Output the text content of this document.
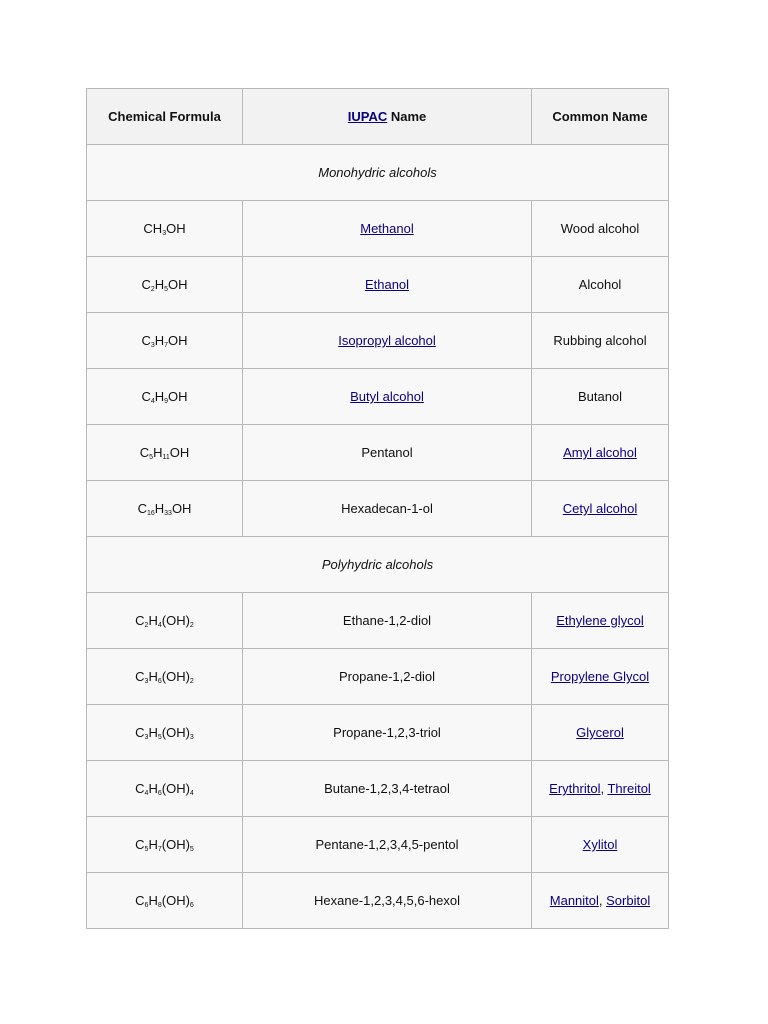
Chemical Formula	IUPAC Name	Common Name
Monohydric alcohols		
$CH_3OH$	Methanol	Wood alcohol
$C_2H_5OH$	Ethanol	Alcohol
$C_3H_7OH$	Isopropyl alcohol	Rubbing alcohol
$C_4H_9OH$	Butyl alcohol	Butanol
$C_5H_{11}OH$	Pentanol	Amyl alcohol
$C_{16}H_{33}OH$	Hexadecan-1-ol	Cetyl alcohol
Polyhydric alcohols		
$C_2H_4(OH)_2$	Ethane-1,2-diol	Ethylene glycol
$C_3H_6(OH)_2$	Propane-1,2-diol	Propylene Glycol
$C_3H_5(OH)_3$	Propane-1,2,3-triol	Glycerol
$C_4H_6(OH)_4$	Butane-1,2,3,4-tetraol	Erythritol, Threitol
$C_5H_7(OH)_5$	Pentane-1,2,3,4,5-pentol	Xylitol
$C_6H_8(OH)_6$	Hexane-1,2,3,4,5,6-hexol	Mannitol, Sorbitol
